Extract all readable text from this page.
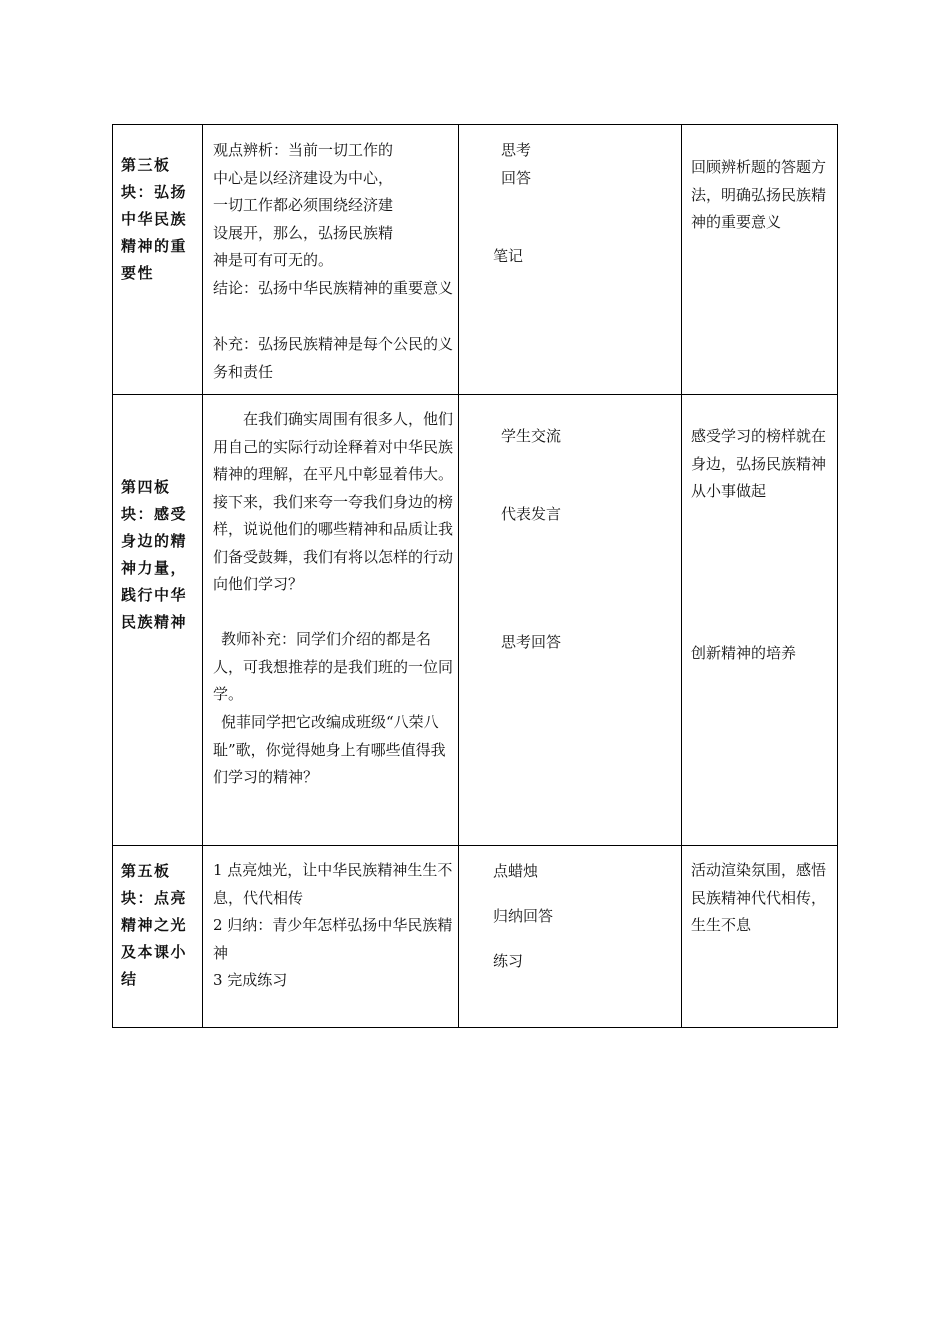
第三板块：弘扬中华民族精神的重要性
观点辨析：当前一切工作的
中心是以经济建设为中心，
一切工作都必须围绕经济建
设展开，那么，弘扬民族精
神是可有可无的。
结论：弘扬中华民族精神的重要意义
补充：弘扬民族精神是每个公民的义务和责任
思考
回答
笔记
回顾辨析题的答题方法，明确弘扬民族精神的重要意义
第四板块：感受身边的精神力量，践行中华民族精神
在我们确实周围有很多人，他们用自己的实际行动诠释着对中华民族精神的理解，在平凡中彰显着伟大。接下来，我们来夸一夸我们身边的榜样，说说他们的哪些精神和品质让我们备受鼓舞，我们有将以怎样的行动向他们学习？
教师补充：同学们介绍的都是名人，可我想推荐的是我们班的一位同学。
倪菲同学把它改编成班级“八荣八耻”歌，你觉得她身上有哪些值得我们学习的精神？
学生交流
代表发言
思考回答
感受学习的榜样就在身边，弘扬民族精神从小事做起
创新精神的培养
第五板块：点亮精神之光及本课小结
1 点亮烛光，让中华民族精神生生不息，代代相传
2 归纳：青少年怎样弘扬中华民族精神
3 完成练习
点蜡烛
归纳回答
练习
活动渲染氛围，感悟民族精神代代相传，生生不息
